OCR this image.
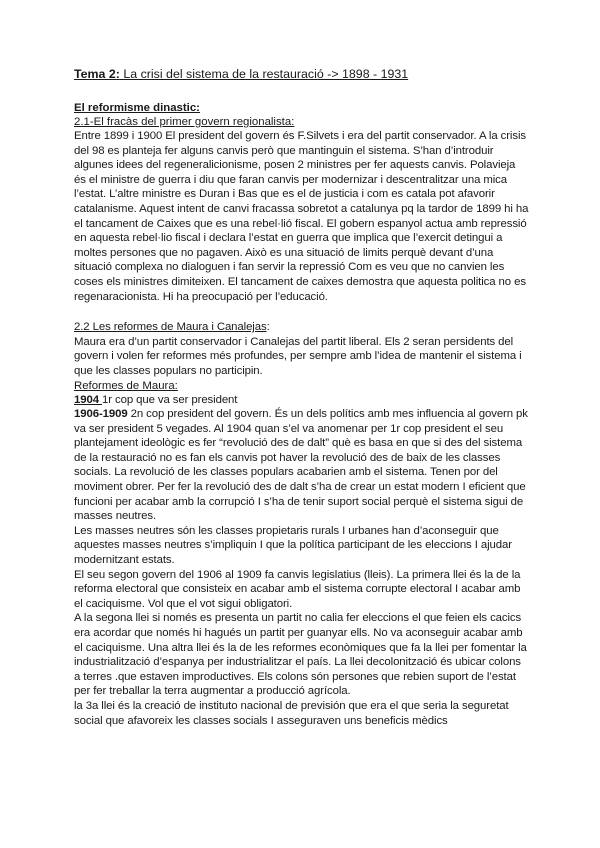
Tema 2: La crisi del sistema de la restauració -> 1898 - 1931
El reformisme dinastic:
2.1-El fracàs del primer govern regionalista:

Entre 1899 i 1900 El president del govern és F.Silvets i era del partit conservador. A la crisis del 98 es planteja fer alguns canvis però que mantinguin el sistema. S’han d’introduir algunes idees del regeneralicionisme, posen 2 ministres per fer aquests canvis. Polavieja és el ministre de guerra i diu que faran canvis per modernizar i descentralitzar una mica l’estat. L’altre ministre es Duran i Bas que es el de justicia i com es catala pot afavorir catalanisme. Aquest intent de canvi fracassa sobretot a catalunya pq la tardor de 1899 hi ha el tancament de Caixes que es una rebel·lió fiscal. El gobern espanyol actua amb repressió en aquesta rebel·lio fiscal i declara l’estat en guerra que implica que l’exercit detingui a moltes persones que no pagaven. Això es una situació de limits perquè devant d’una situació complexa no dialoguen i fan servir la repressió Com es veu que no canvien les coses els ministres dimiteixen. El tancament de caixes demostra que aquesta politica no es regenaracionista. Hi ha preocupació per l’educació.

2.2 Les reformes de Maura i Canalejas:

Maura era d’un partit conservador i Canalejas del partit liberal. Els 2 seran persidents del govern i volen fer reformes més profundes, per sempre amb l’idea de mantenir el sistema i que les classes populars no participin.

Reformes de Maura:

1904 1r cop que va ser president

1906-1909 2n cop president del govern. És un dels polítics amb mes influencia al govern pk va ser president 5 vegades. Al 1904 quan s’el va anomenar per 1r cop president el seu plantejament ideològic es fer “revolució des de dalt” què es basa en que si des del sistema de la restauració no es fan els canvis pot haver la revolució des de baix de les classes socials. La revolució de les classes populars acabarien amb el sistema. Tenen por del moviment obrer. Per fer la revolució des de dalt s’ha de crear un estat modern I eficient que funcioni per acabar amb la corrupció I s’ha de tenir suport social perquè el sistema sigui de masses neutres.

Les masses neutres són les classes propietaris rurals I urbanes han d’aconseguir que aquestes masses neutres s’impliquin I que la política participant de les eleccions I ajudar modernitzant estats.

El seu segon govern del 1906 al 1909 fa canvis legislatius (lleis). La primera llei és la de la reforma electoral que consisteix en acabar amb el sistema corrupte electoral I acabar amb el caciquisme. Vol que el vot sigui obligatori.

A la segona llei si només es presenta un partit no calia fer eleccions el que feien els cacics era acordar que només hi hagués un partit per guanyar ells. No va aconseguir acabar amb el caciquisme. Una altra llei és la de les reformes econòmiques que fa la llei per fomentar la industrialització d’espanya per industrialitzar el país. La llei decolonització és ubicar colons a terres .que estaven improductives. Els colons són persones que rebien suport de l’estat per fer treballar la terra augmentar a producció agrícola.

la 3a llei és la creació de instituto nacional de previsión que era el que seria la seguretat social que afavoreix les classes socials I asseguraven uns beneficis mèdics
